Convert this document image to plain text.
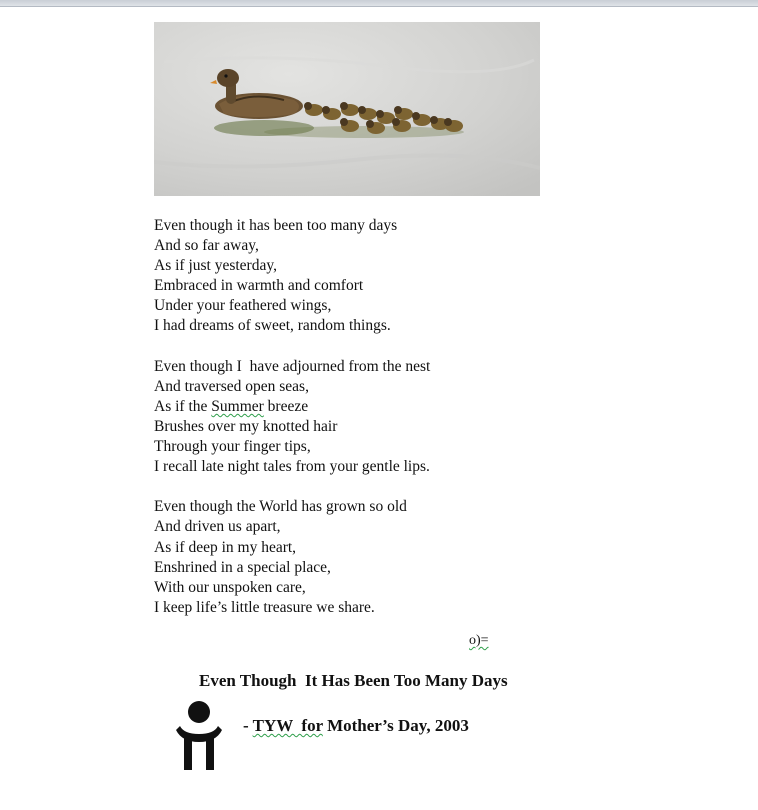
Even though it has been too many days
And so far away,
As if just yesterday,
Embraced in warmth and comfort
Under your feathered wings,
I had dreams of sweet, random things.
Even though I  have adjourned from the nest
And traversed open seas,
As if the Summer breeze
Brushes over my knotted hair
Through your finger tips,
I recall late night tales from your gentle lips.
Even though the World has grown so old
And driven us apart,
As if deep in my heart,
Enshrined in a special place,
With our unspoken care,
I keep life’s little treasure we share.
o)=
Even Though  It Has Been Too Many Days
- TYW  for Mother’s Day, 2003
